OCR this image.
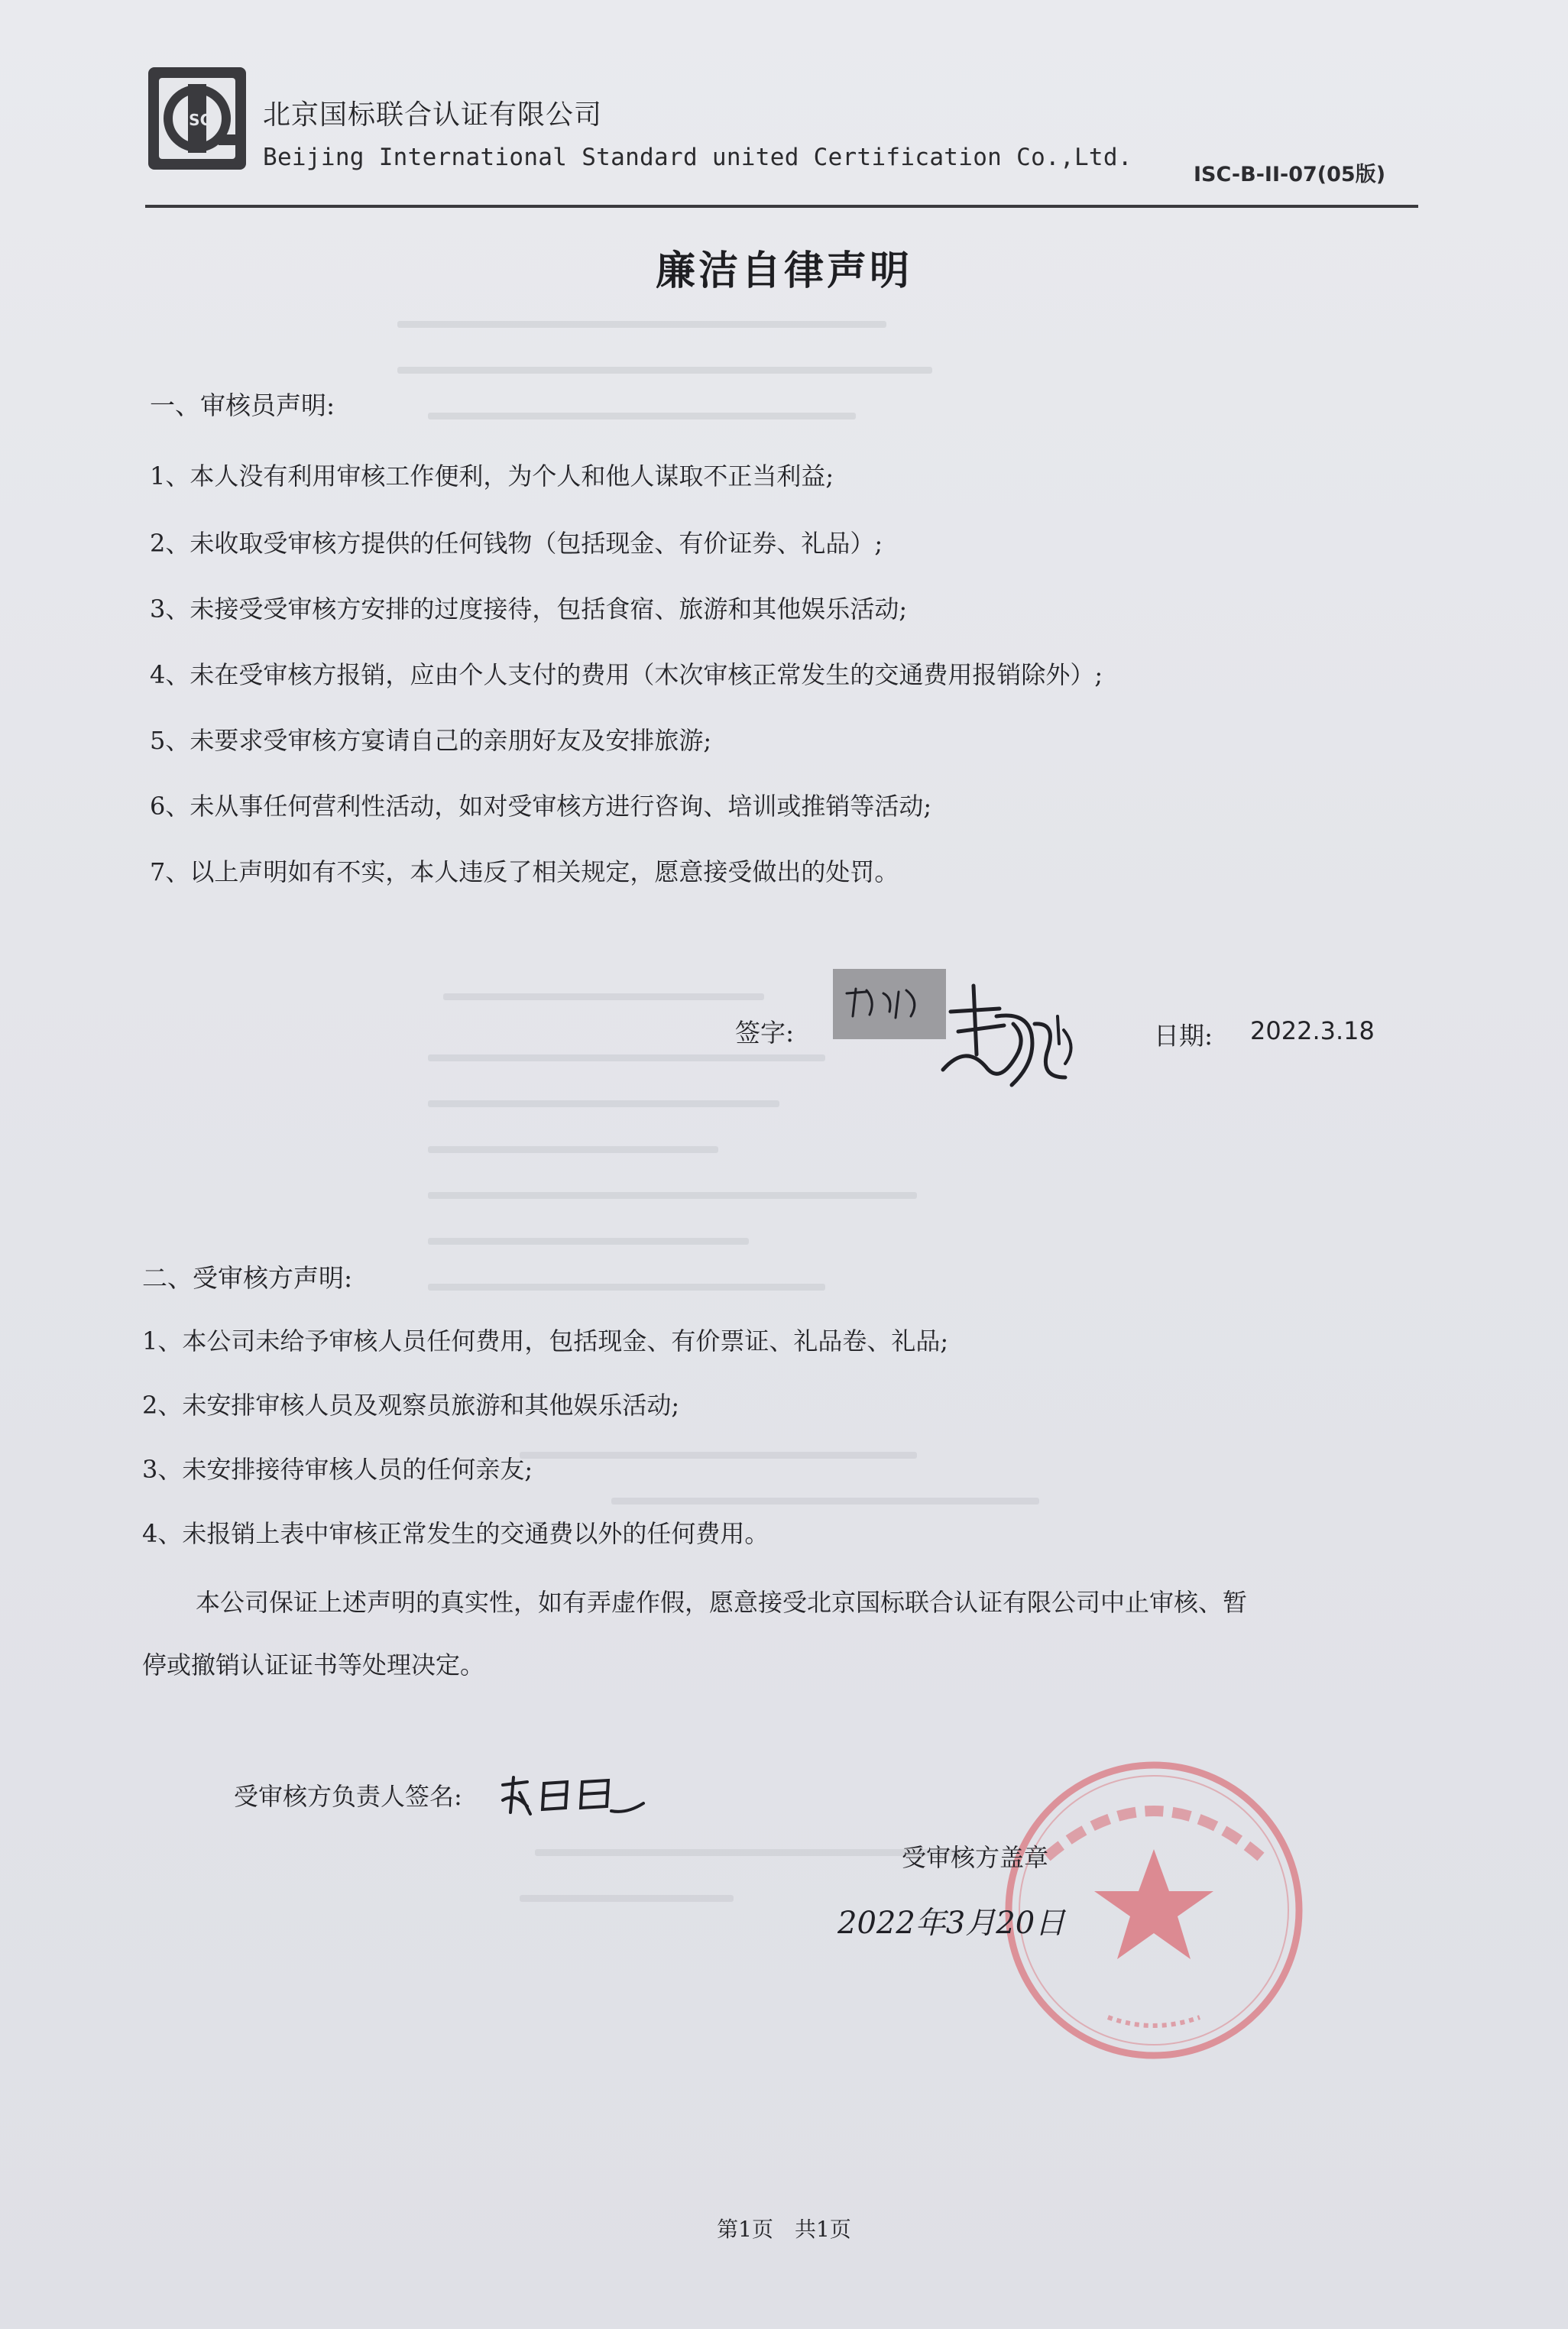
ISC 北京国标联合认证有限公司
Beijing International Standard united Certification Co.,Ltd.
ISC-B-II-07(05版)
廉洁自律声明
一、审核员声明:
1、本人没有利用审核工作便利，为个人和他人谋取不正当利益;
2、未收取受审核方提供的任何钱物（包括现金、有价证券、礼品）;
3、未接受受审核方安排的过度接待，包括食宿、旅游和其他娱乐活动;
4、未在受审核方报销，应由个人支付的费用（木次审核正常发生的交通费用报销除外）;
5、未要求受审核方宴请自己的亲朋好友及安排旅游;
6、未从事任何营利性活动，如对受审核方进行咨询、培训或推销等活动;
7、以上声明如有不实，本人违反了相关规定，愿意接受做出的处罚。
签字:	日期: 2022.3.18
二、受审核方声明:
1、本公司未给予审核人员任何费用，包括现金、有价票证、礼品卷、礼品;
2、未安排审核人员及观察员旅游和其他娱乐活动;
3、未安排接待审核人员的任何亲友;
4、未报销上表中审核正常发生的交通费以外的任何费用。
本公司保证上述声明的真实性，如有弄虚作假，愿意接受北京国标联合认证有限公司中止审核、暂
停或撤销认证证书等处理决定。
受审核方负责人签名:
受审核方盖章
2022年3月20日
第1页　共1页
